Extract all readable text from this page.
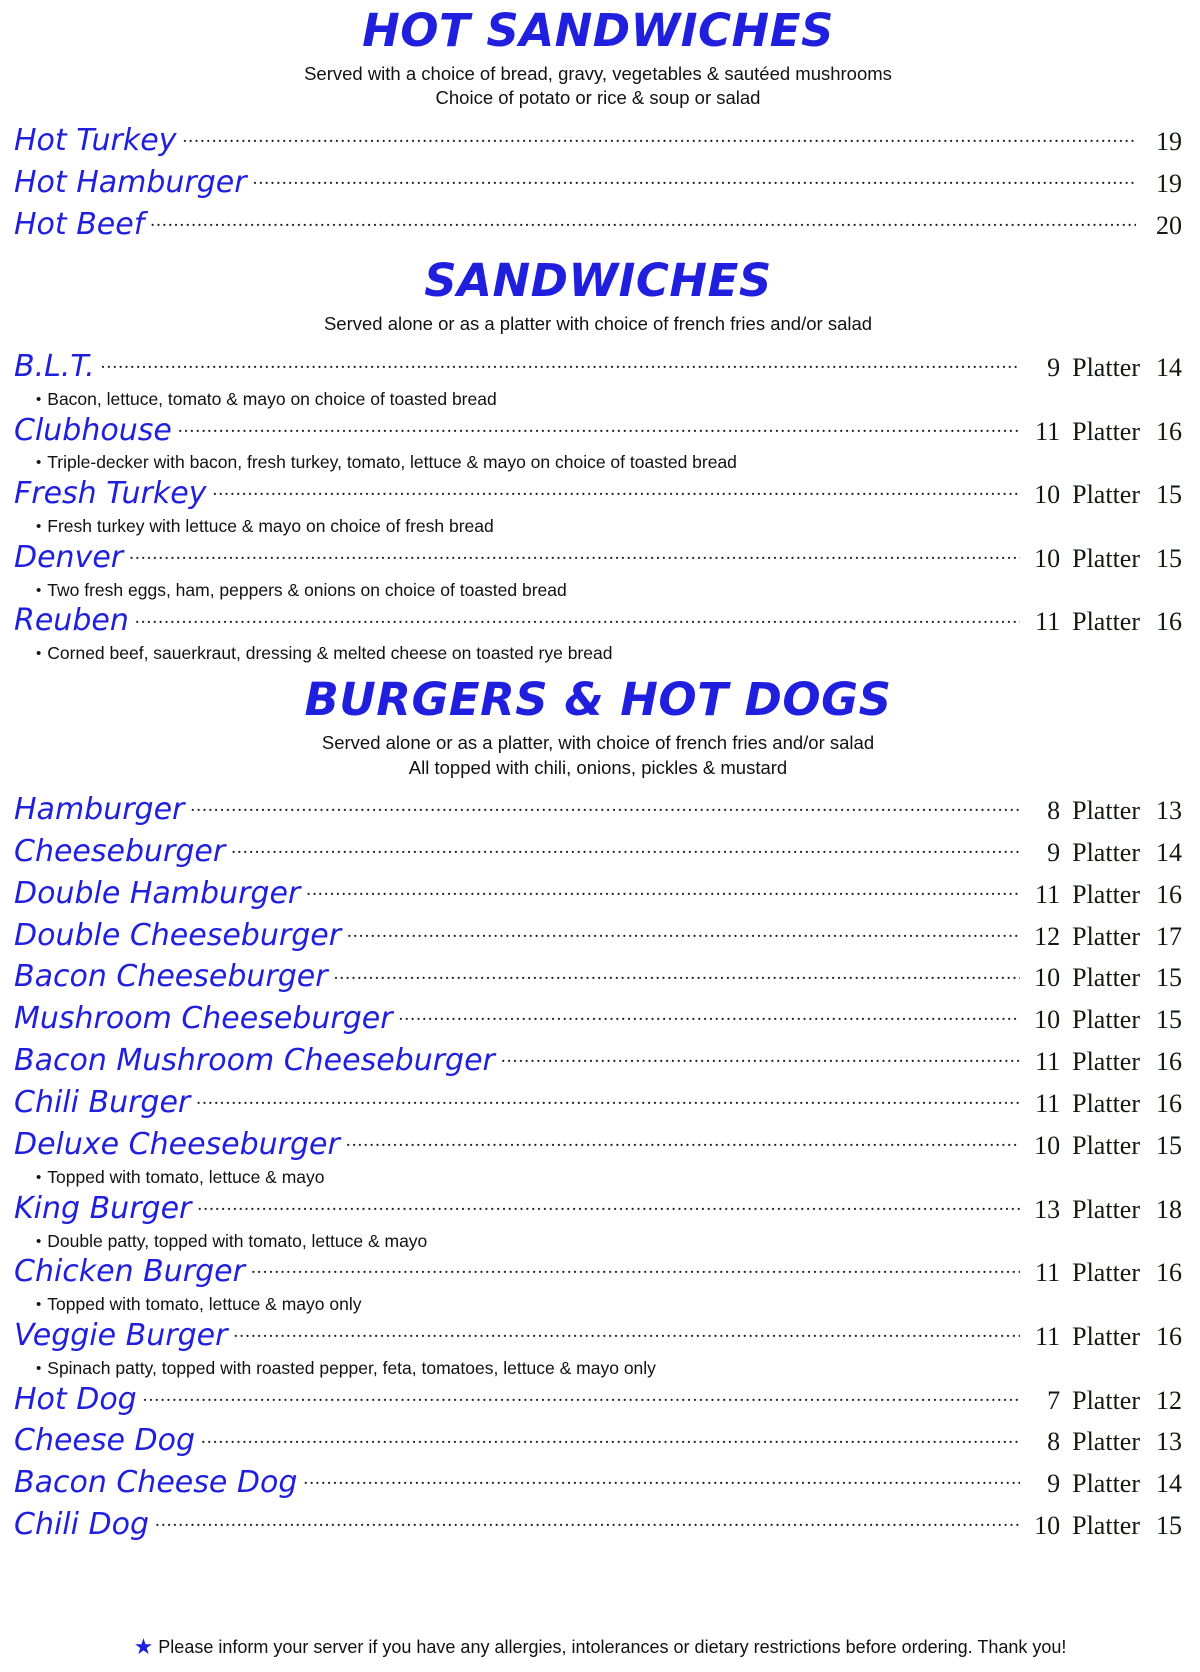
HOT SANDWICHES
Served with a choice of bread, gravy, vegetables & sautéed mushrooms
Choice of potato or rice & soup or salad
Hot Turkey .....	19
Hot Hamburger .....	19
Hot Beef .....	20
SANDWICHES
Served alone or as a platter with choice of french fries and/or salad
B.L.T. .....	9 Platter 14
• Bacon, lettuce, tomato & mayo on choice of toasted bread
Clubhouse .....	11 Platter 16
• Triple-decker with bacon, fresh turkey, tomato, lettuce & mayo on choice of toasted bread
Fresh Turkey .....	10 Platter 15
• Fresh turkey with lettuce & mayo on choice of fresh bread
Denver .....	10 Platter 15
• Two fresh eggs, ham, peppers & onions on choice of toasted bread
Reuben .....	11 Platter 16
• Corned beef, sauerkraut, dressing & melted cheese on toasted rye bread
BURGERS & HOT DOGS
Served alone or as a platter, with choice of french fries and/or salad
All topped with chili, onions, pickles & mustard
Hamburger .....	8 Platter 13
Cheeseburger .....	9 Platter 14
Double Hamburger .....	11 Platter 16
Double Cheeseburger .....	12 Platter 17
Bacon Cheeseburger .....	10 Platter 15
Mushroom Cheeseburger .....	10 Platter 15
Bacon Mushroom Cheeseburger .....	11 Platter 16
Chili Burger .....	11 Platter 16
Deluxe Cheeseburger .....	10 Platter 15
• Topped with tomato, lettuce & mayo
King Burger .....	13 Platter 18
• Double patty, topped with tomato, lettuce & mayo
Chicken Burger .....	11 Platter 16
• Topped with tomato, lettuce & mayo only
Veggie Burger .....	11 Platter 16
• Spinach patty, topped with roasted pepper, feta, tomatoes, lettuce & mayo only
Hot Dog .....	7 Platter 12
Cheese Dog .....	8 Platter 13
Bacon Cheese Dog .....	9 Platter 14
Chili Dog .....	10 Platter 15
★ Please inform your server if you have any allergies, intolerances or dietary restrictions before ordering. Thank you!
